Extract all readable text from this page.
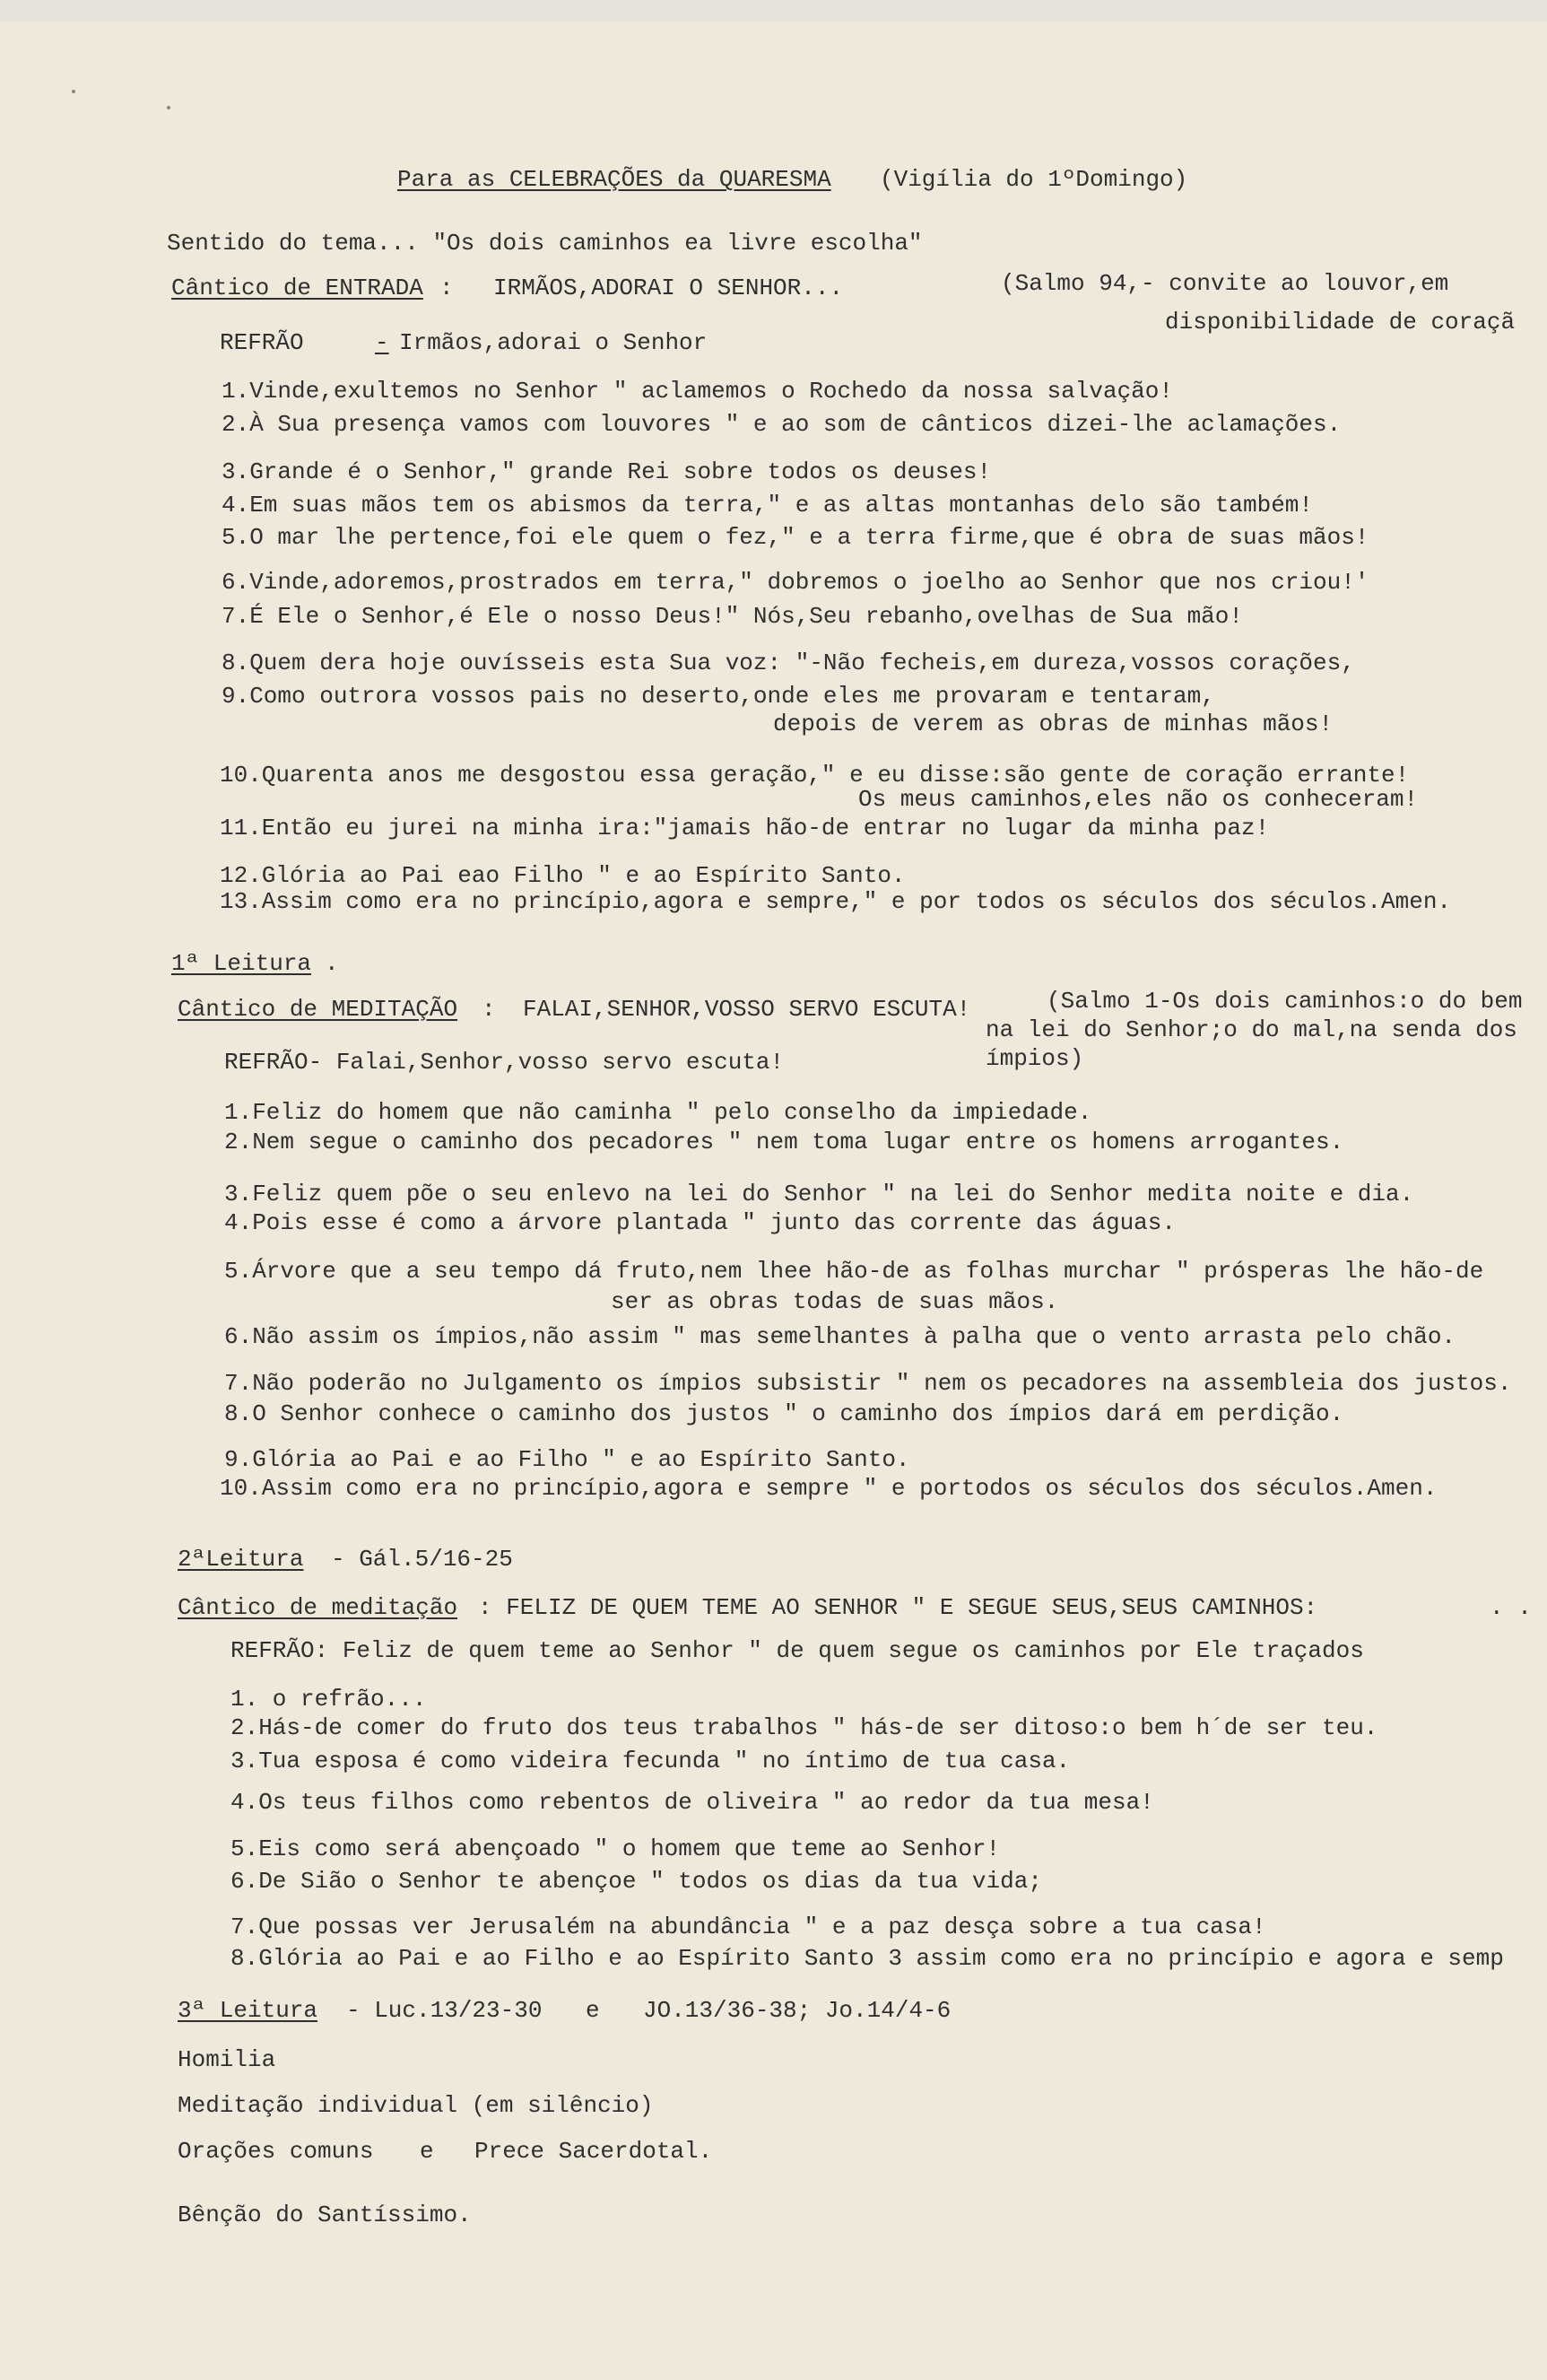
Para as CELEBRAÇÕES da QUARESMA (Vigília do 1ºDomingo)
Sentido do tema... "Os dois caminhos ea livre escolha"
Cântico de ENTRADA : IRMÃOS,ADORAI O SENHOR...	(Salmo 94,- convite ao louvor,em
disponibilidade de coraçã
REFRÃO	- Irmãos,adorai o Senhor
1.Vinde,exultemos no Senhor " aclamemos o Rochedo da nossa salvação!
2.À Sua presença vamos com louvores " e ao som de cânticos dizei-lhe aclamações.
3.Grande é o Senhor," grande Rei sobre todos os deuses!
4.Em suas mãos tem os abismos da terra," e as altas montanhas delo são também!
5.O mar lhe pertence,foi ele quem o fez," e a terra firme,que é obra de suas mãos!
6.Vinde,adoremos,prostrados em terra," dobremos o joelho ao Senhor que nos criou!'
7.É Ele o Senhor,é Ele o nosso Deus!" Nós,Seu rebanho,ovelhas de Sua mão!
8.Quem dera hoje ouvísseis esta Sua voz: "-Não fecheis,em dureza,vossos corações,
9.Como outrora vossos pais no deserto,onde eles me provaram e tentaram,
depois de verem as obras de minhas mãos!
10.Quarenta anos me desgostou essa geração," e eu disse:são gente de coração errante!
Os meus caminhos,eles não os conheceram!
11.Então eu jurei na minha ira:"jamais hão-de entrar no lugar da minha paz!
12.Glória ao Pai eao Filho " e ao Espírito Santo.
13.Assim como era no princípio,agora e sempre," e por todos os séculos dos séculos.Amen.
1ª Leitura .
Cântico de MEDITAÇÃO : FALAI,SENHOR,VOSSO SERVO ESCUTA!	(Salmo 1-Os dois caminhos:o do bem
na lei do Senhor;o do mal,na senda dos
ímpios)
REFRÃO- Falai,Senhor,vosso servo escuta!
1.Feliz do homem que não caminha " pelo conselho da impiedade.
2.Nem segue o caminho dos pecadores " nem toma lugar entre os homens arrogantes.
3.Feliz quem põe o seu enlevo na lei do Senhor " na lei do Senhor medita noite e dia.
4.Pois esse é como a árvore plantada " junto das corrente das águas.
5.Árvore que a seu tempo dá fruto,nem lhee hão-de as folhas murchar " prósperas lhe hão-de
ser as obras todas de suas mãos.
6.Não assim os ímpios,não assim " mas semelhantes à palha que o vento arrasta pelo chão.
7.Não poderão no Julgamento os ímpios subsistir " nem os pecadores na assembleia dos justos.
8.O Senhor conhece o caminho dos justos " o caminho dos ímpios dará em perdição.
9.Glória ao Pai e ao Filho " e ao Espírito Santo.
10.Assim como era no princípio,agora e sempre " e portodos os séculos dos séculos.Amen.
2ªLeitura - Gál.5/16-25
Cântico de meditação : FELIZ DE QUEM TEME AO SENHOR " E SEGUE SEUS,SEUS CAMINHOS:	. .
REFRÃO: Feliz de quem teme ao Senhor " de quem segue os caminhos por Ele traçados
1. o refrão...
2.Hás-de comer do fruto dos teus trabalhos " hás-de ser ditoso:o bem h´de ser teu.
3.Tua esposa é como videira fecunda " no íntimo de tua casa.
4.Os teus filhos como rebentos de oliveira " ao redor da tua mesa!
5.Eis como será abençoado " o homem que teme ao Senhor!
6.De Sião o Senhor te abençoe " todos os dias da tua vida;
7.Que possas ver Jerusalém na abundância " e a paz desça sobre a tua casa!
8.Glória ao Pai e ao Filho e ao Espírito Santo 3 assim como era no princípio e agora e semp
3ª Leitura - Luc.13/23-30 e JO.13/36-38; Jo.14/4-6
Homilia
Meditação individual (em silêncio)
Orações comuns e Prece Sacerdotal.
Bênção do Santíssimo.
